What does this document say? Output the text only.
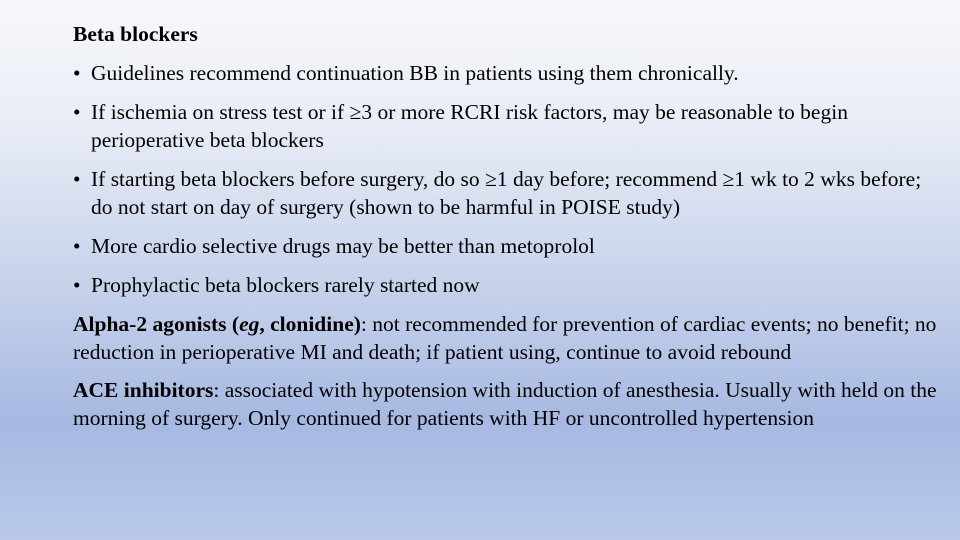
Beta blockers
• Guidelines recommend continuation BB in patients using them chronically.
• If ischemia on stress test or if ≥3 or more RCRI risk factors, may be reasonable to begin perioperative beta blockers
• If starting beta blockers before surgery, do so ≥1 day before; recommend ≥1 wk to 2 wks before; do not start on day of surgery (shown to be harmful in POISE study)
• More cardio selective drugs may be better than metoprolol
• Prophylactic beta blockers rarely started now

Alpha-2 agonists (eg, clonidine): not recommended for prevention of cardiac events; no benefit; no reduction in perioperative MI and death; if patient using, continue to avoid rebound

ACE inhibitors: associated with hypotension with induction of anesthesia. Usually with held on the morning of surgery. Only continued for patients with HF or uncontrolled hypertension
